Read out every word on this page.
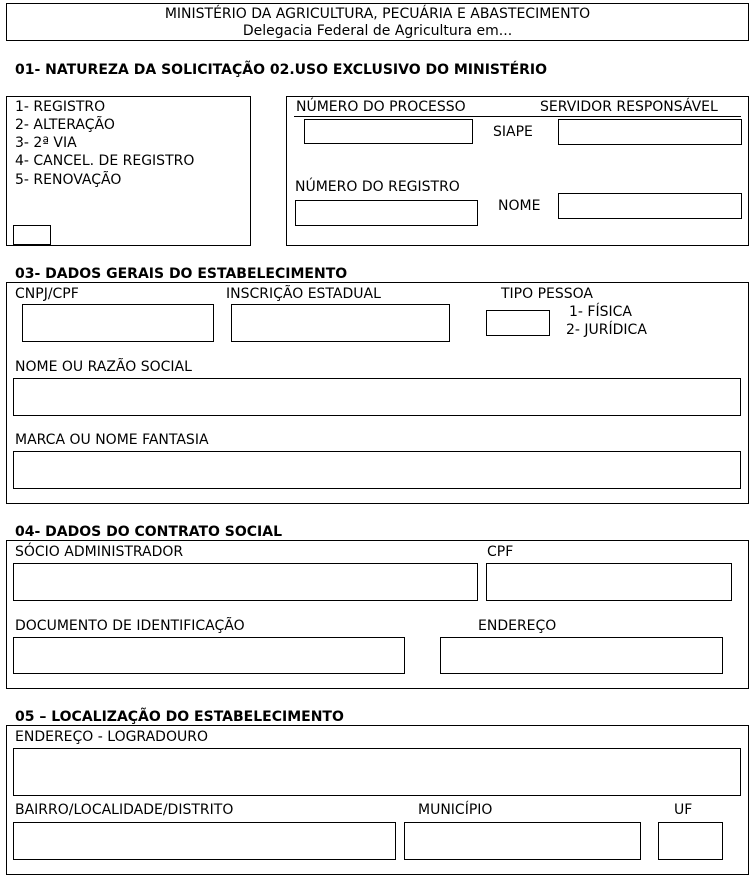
MINISTÉRIO DA AGRICULTURA, PECUÁRIA E ABASTECIMENTO
Delegacia Federal de Agricultura em...
01- NATUREZA DA SOLICITAÇÃO 02.USO EXCLUSIVO DO MINISTÉRIO
1- REGISTRO
2- ALTERAÇÃO
3- 2ª VIA
4- CANCEL. DE REGISTRO
5- RENOVAÇÃO
NÚMERO DO PROCESSO	SERVIDOR RESPONSÁVEL
SIAPE
NÚMERO DO REGISTRO
NOME
03- DADOS GERAIS DO ESTABELECIMENTO
CNPJ/CPF	INSCRIÇÃO ESTADUAL	TIPO PESSOA
1- FÍSICA
2- JURÍDICA
NOME OU RAZÃO SOCIAL
MARCA OU NOME FANTASIA
04- DADOS DO CONTRATO SOCIAL
SÓCIO ADMINISTRADOR	CPF
DOCUMENTO DE IDENTIFICAÇÃO	ENDEREÇO
05 – LOCALIZAÇÃO DO ESTABELECIMENTO
ENDEREÇO - LOGRADOURO
BAIRRO/LOCALIDADE/DISTRITO	MUNICÍPIO	UF
